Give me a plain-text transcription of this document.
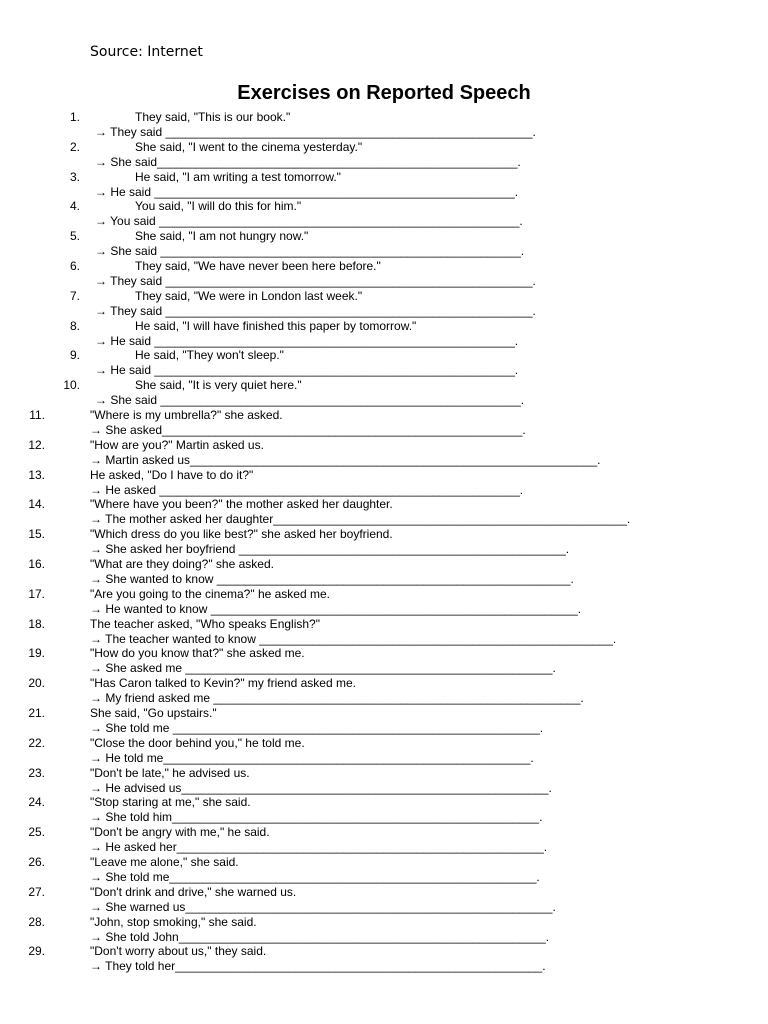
Source: Internet
Exercises on Reported Speech
1.	They said, "This is our book."
→ They said _______________________________________________________.
2.	She said, "I went to the cinema yesterday."
→ She said______________________________________________________.
3.	He said, "I am writing a test tomorrow."
→ He said ______________________________________________________.
4.	You said, "I will do this for him."
→ You said ______________________________________________________.
5.	She said, "I am not hungry now."
→ She said ______________________________________________________.
6.	They said, "We have never been here before."
→ They said _______________________________________________________.
7.	They said, "We were in London last week."
→ They said _______________________________________________________.
8.	He said, "I will have finished this paper by tomorrow."
→ He said ______________________________________________________.
9.	He said, "They won't sleep."
→ He said ______________________________________________________.
10.	She said, "It is very quiet here."
→ She said ______________________________________________________.
11.	"Where is my umbrella?" she asked.
→ She asked______________________________________________________.
12.	"How are you?" Martin asked us.
→ Martin asked us_____________________________________________________________.
13.	He asked, "Do I have to do it?"
→ He asked ______________________________________________________.
14.	"Where have you been?" the mother asked her daughter.
→ The mother asked her daughter_____________________________________________________.
15.	"Which dress do you like best?" she asked her boyfriend.
→ She asked her boyfriend _________________________________________________.
16.	"What are they doing?" she asked.
→ She wanted to know _____________________________________________________.
17.	"Are you going to the cinema?" he asked me.
→ He wanted to know _______________________________________________________.
18.	The teacher asked, "Who speaks English?"
→ The teacher wanted to know _____________________________________________________.
19.	"How do you know that?" she asked me.
→ She asked me _______________________________________________________.
20.	"Has Caron talked to Kevin?" my friend asked me.
→ My friend asked me _______________________________________________________.
21.	She said, "Go upstairs."
→ She told me _______________________________________________________.
22.	"Close the door behind you," he told me.
→ He told me_______________________________________________________.
23.	"Don't be late," he advised us.
→ He advised us_______________________________________________________.
24.	"Stop staring at me," she said.
→ She told him_______________________________________________________.
25.	"Don't be angry with me," he said.
→ He asked her_______________________________________________________.
26.	"Leave me alone," she said.
→ She told me_______________________________________________________.
27.	"Don't drink and drive," she warned us.
→ She warned us_______________________________________________________.
28.	"John, stop smoking," she said.
→ She told John_______________________________________________________.
29.	"Don't worry about us," they said.
→ They told her_______________________________________________________.
